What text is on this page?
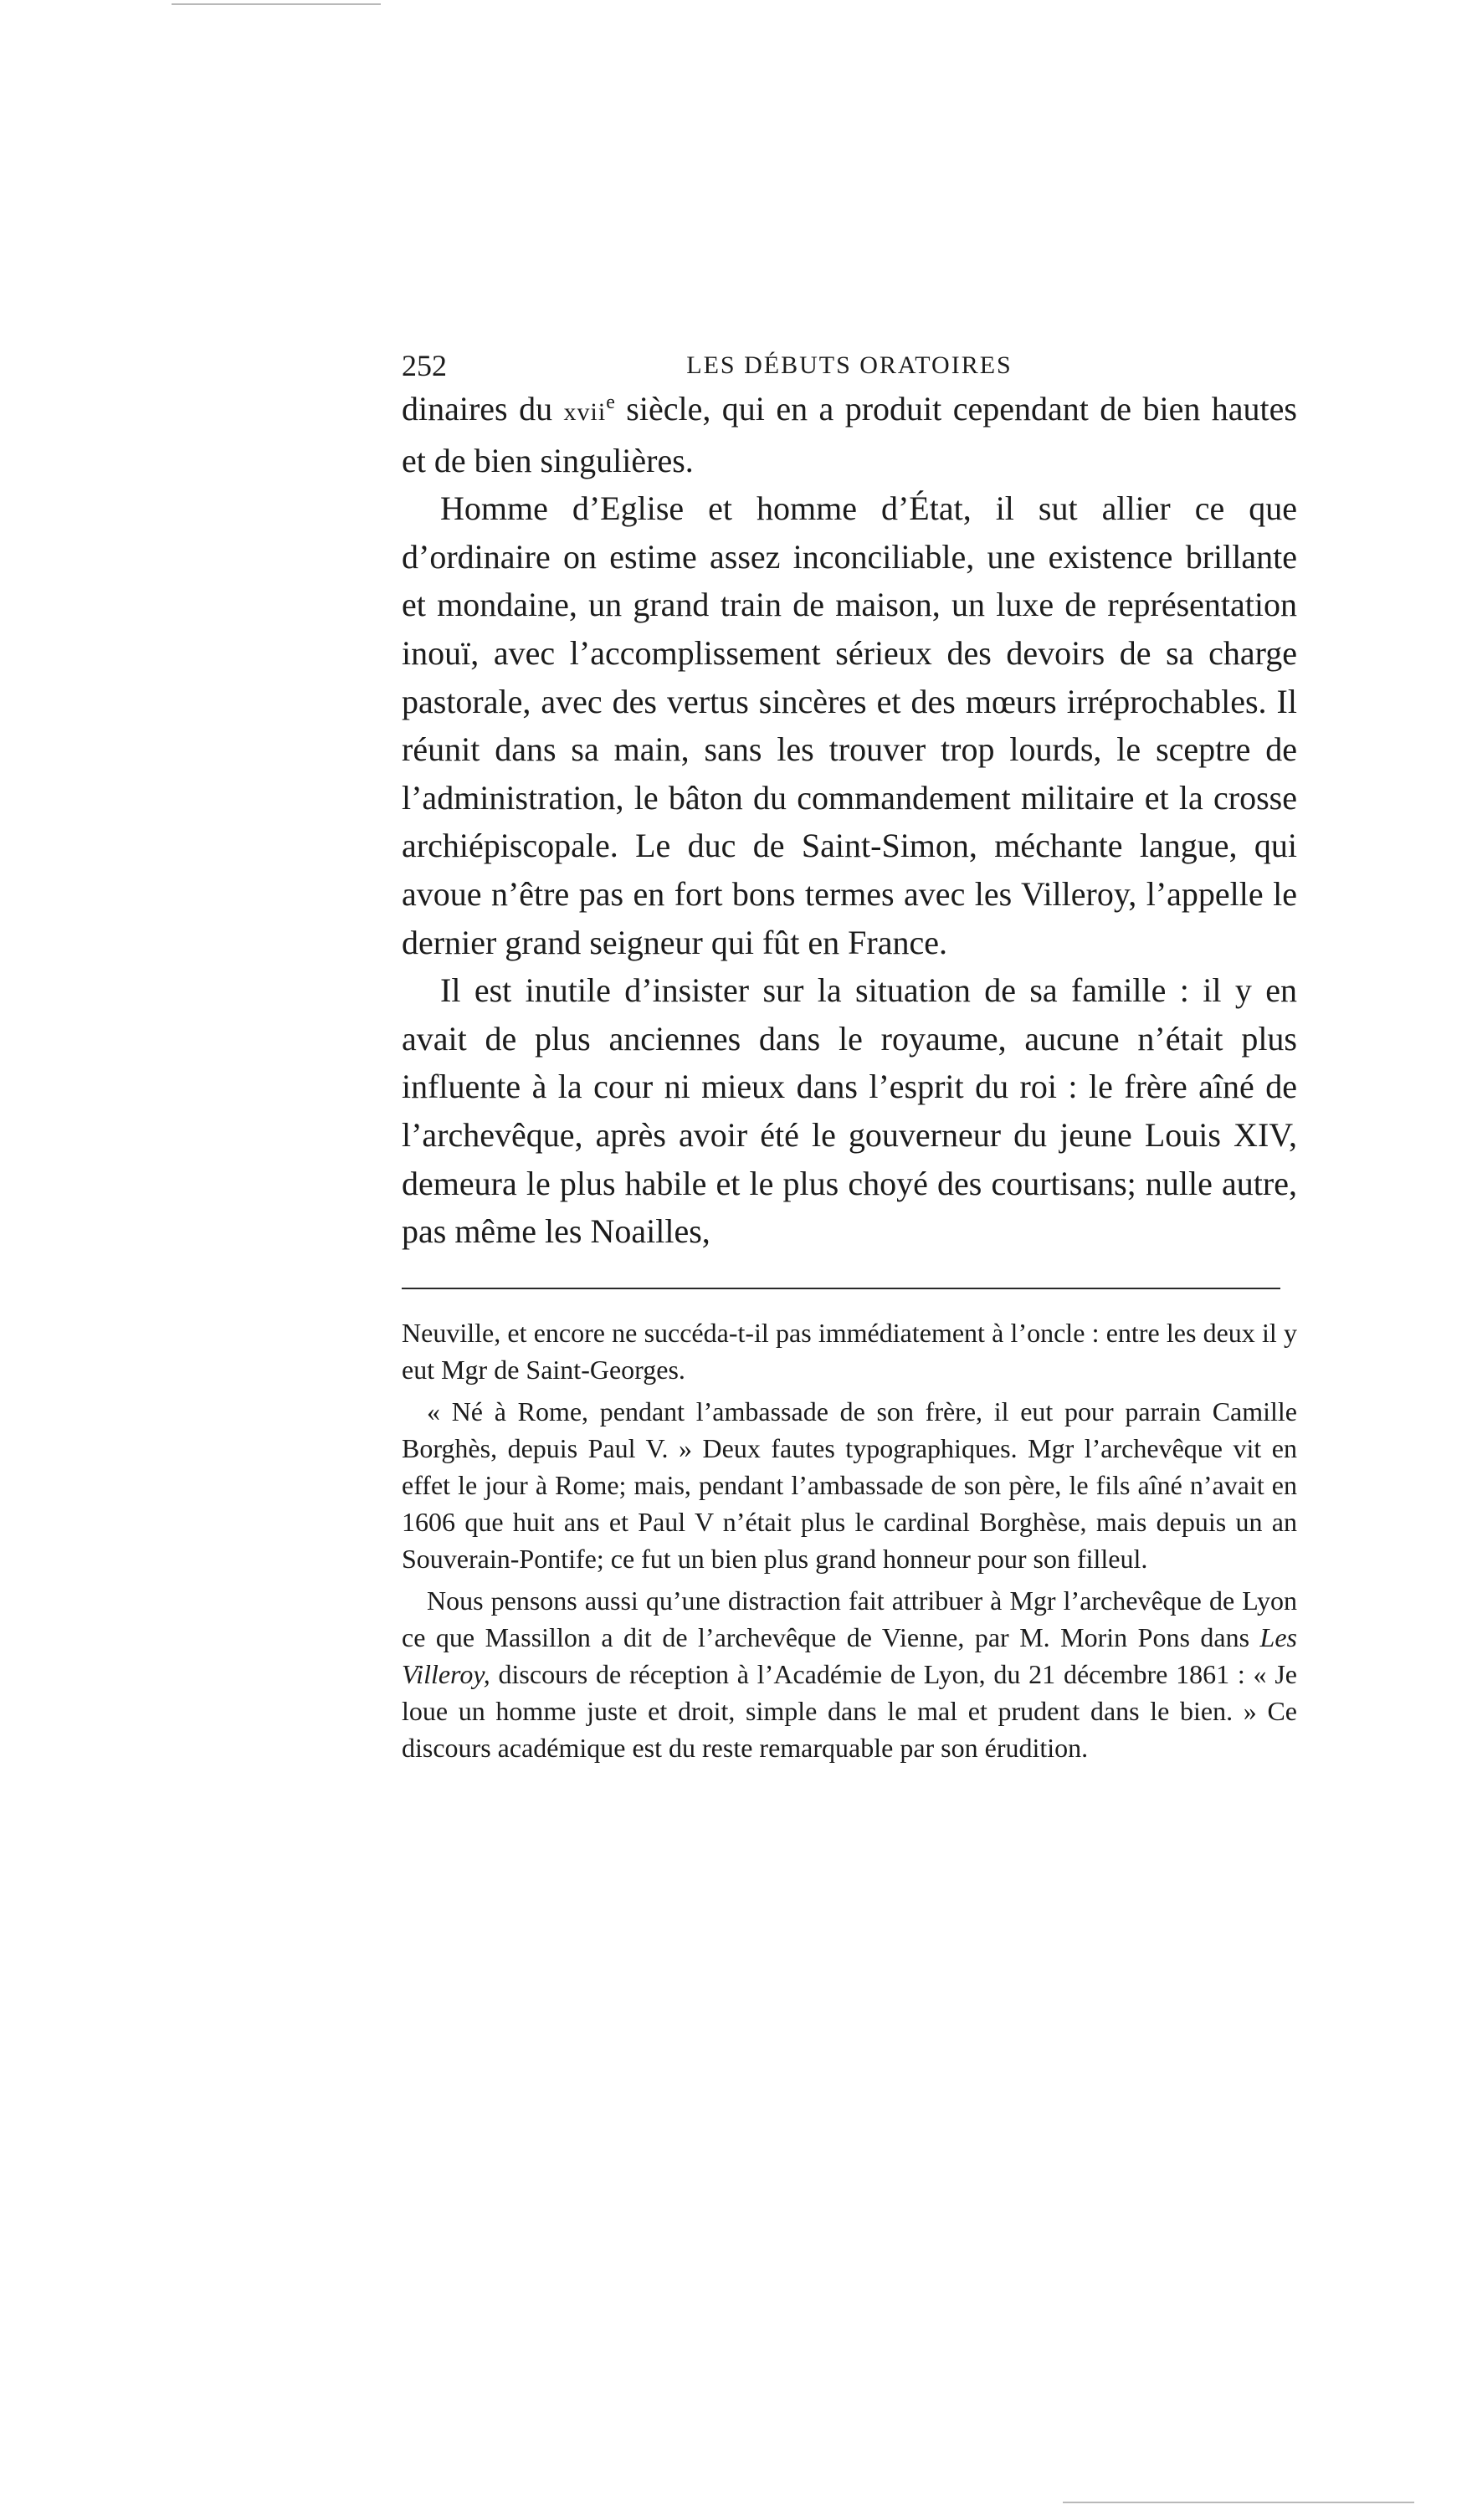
252	LES DÉBUTS ORATOIRES

dinaires du xvii$^e$ siècle, qui en a produit cependant de bien hautes et de bien singulières.

Homme d’Eglise et homme d’État, il sut allier ce que d’ordinaire on estime assez inconciliable, une existence brillante et mondaine, un grand train de maison, un luxe de représentation inouï, avec l’accomplissement sérieux des devoirs de sa charge pastorale, avec des vertus sincères et des mœurs irréprochables. Il réunit dans sa main, sans les trouver trop lourds, le sceptre de l’administration, le bâton du commandement militaire et la crosse archiépiscopale. Le duc de Saint-Simon, méchante langue, qui avoue n’être pas en fort bons termes avec les Villeroy, l’appelle le dernier grand seigneur qui fût en France.

Il est inutile d’insister sur la situation de sa famille : il y en avait de plus anciennes dans le royaume, aucune n’était plus influente à la cour ni mieux dans l’esprit du roi : le frère aîné de l’archevêque, après avoir été le gouverneur du jeune Louis XIV, demeura le plus habile et le plus choyé des courtisans; nulle autre, pas même les Noailles,

Neuville, et encore ne succéda-t-il pas immédiatement à l’oncle : entre les deux il y eut Mgr de Saint-Georges.

« Né à Rome, pendant l’ambassade de son frère, il eut pour parrain Camille Borghès, depuis Paul V. » Deux fautes typographiques. Mgr l’archevêque vit en effet le jour à Rome; mais, pendant l’ambassade de son père, le fils aîné n’avait en 1606 que huit ans et Paul V n’était plus le cardinal Borghèse, mais depuis un an Souverain-Pontife; ce fut un bien plus grand honneur pour son filleul.

Nous pensons aussi qu’une distraction fait attribuer à Mgr l’archevêque de Lyon ce que Massillon a dit de l’archevêque de Vienne, par M. Morin Pons dans Les Villeroy, discours de réception à l’Académie de Lyon, du 21 décembre 1861 : « Je loue un homme juste et droit, simple dans le mal et prudent dans le bien. » Ce discours académique est du reste remarquable par son érudition.
